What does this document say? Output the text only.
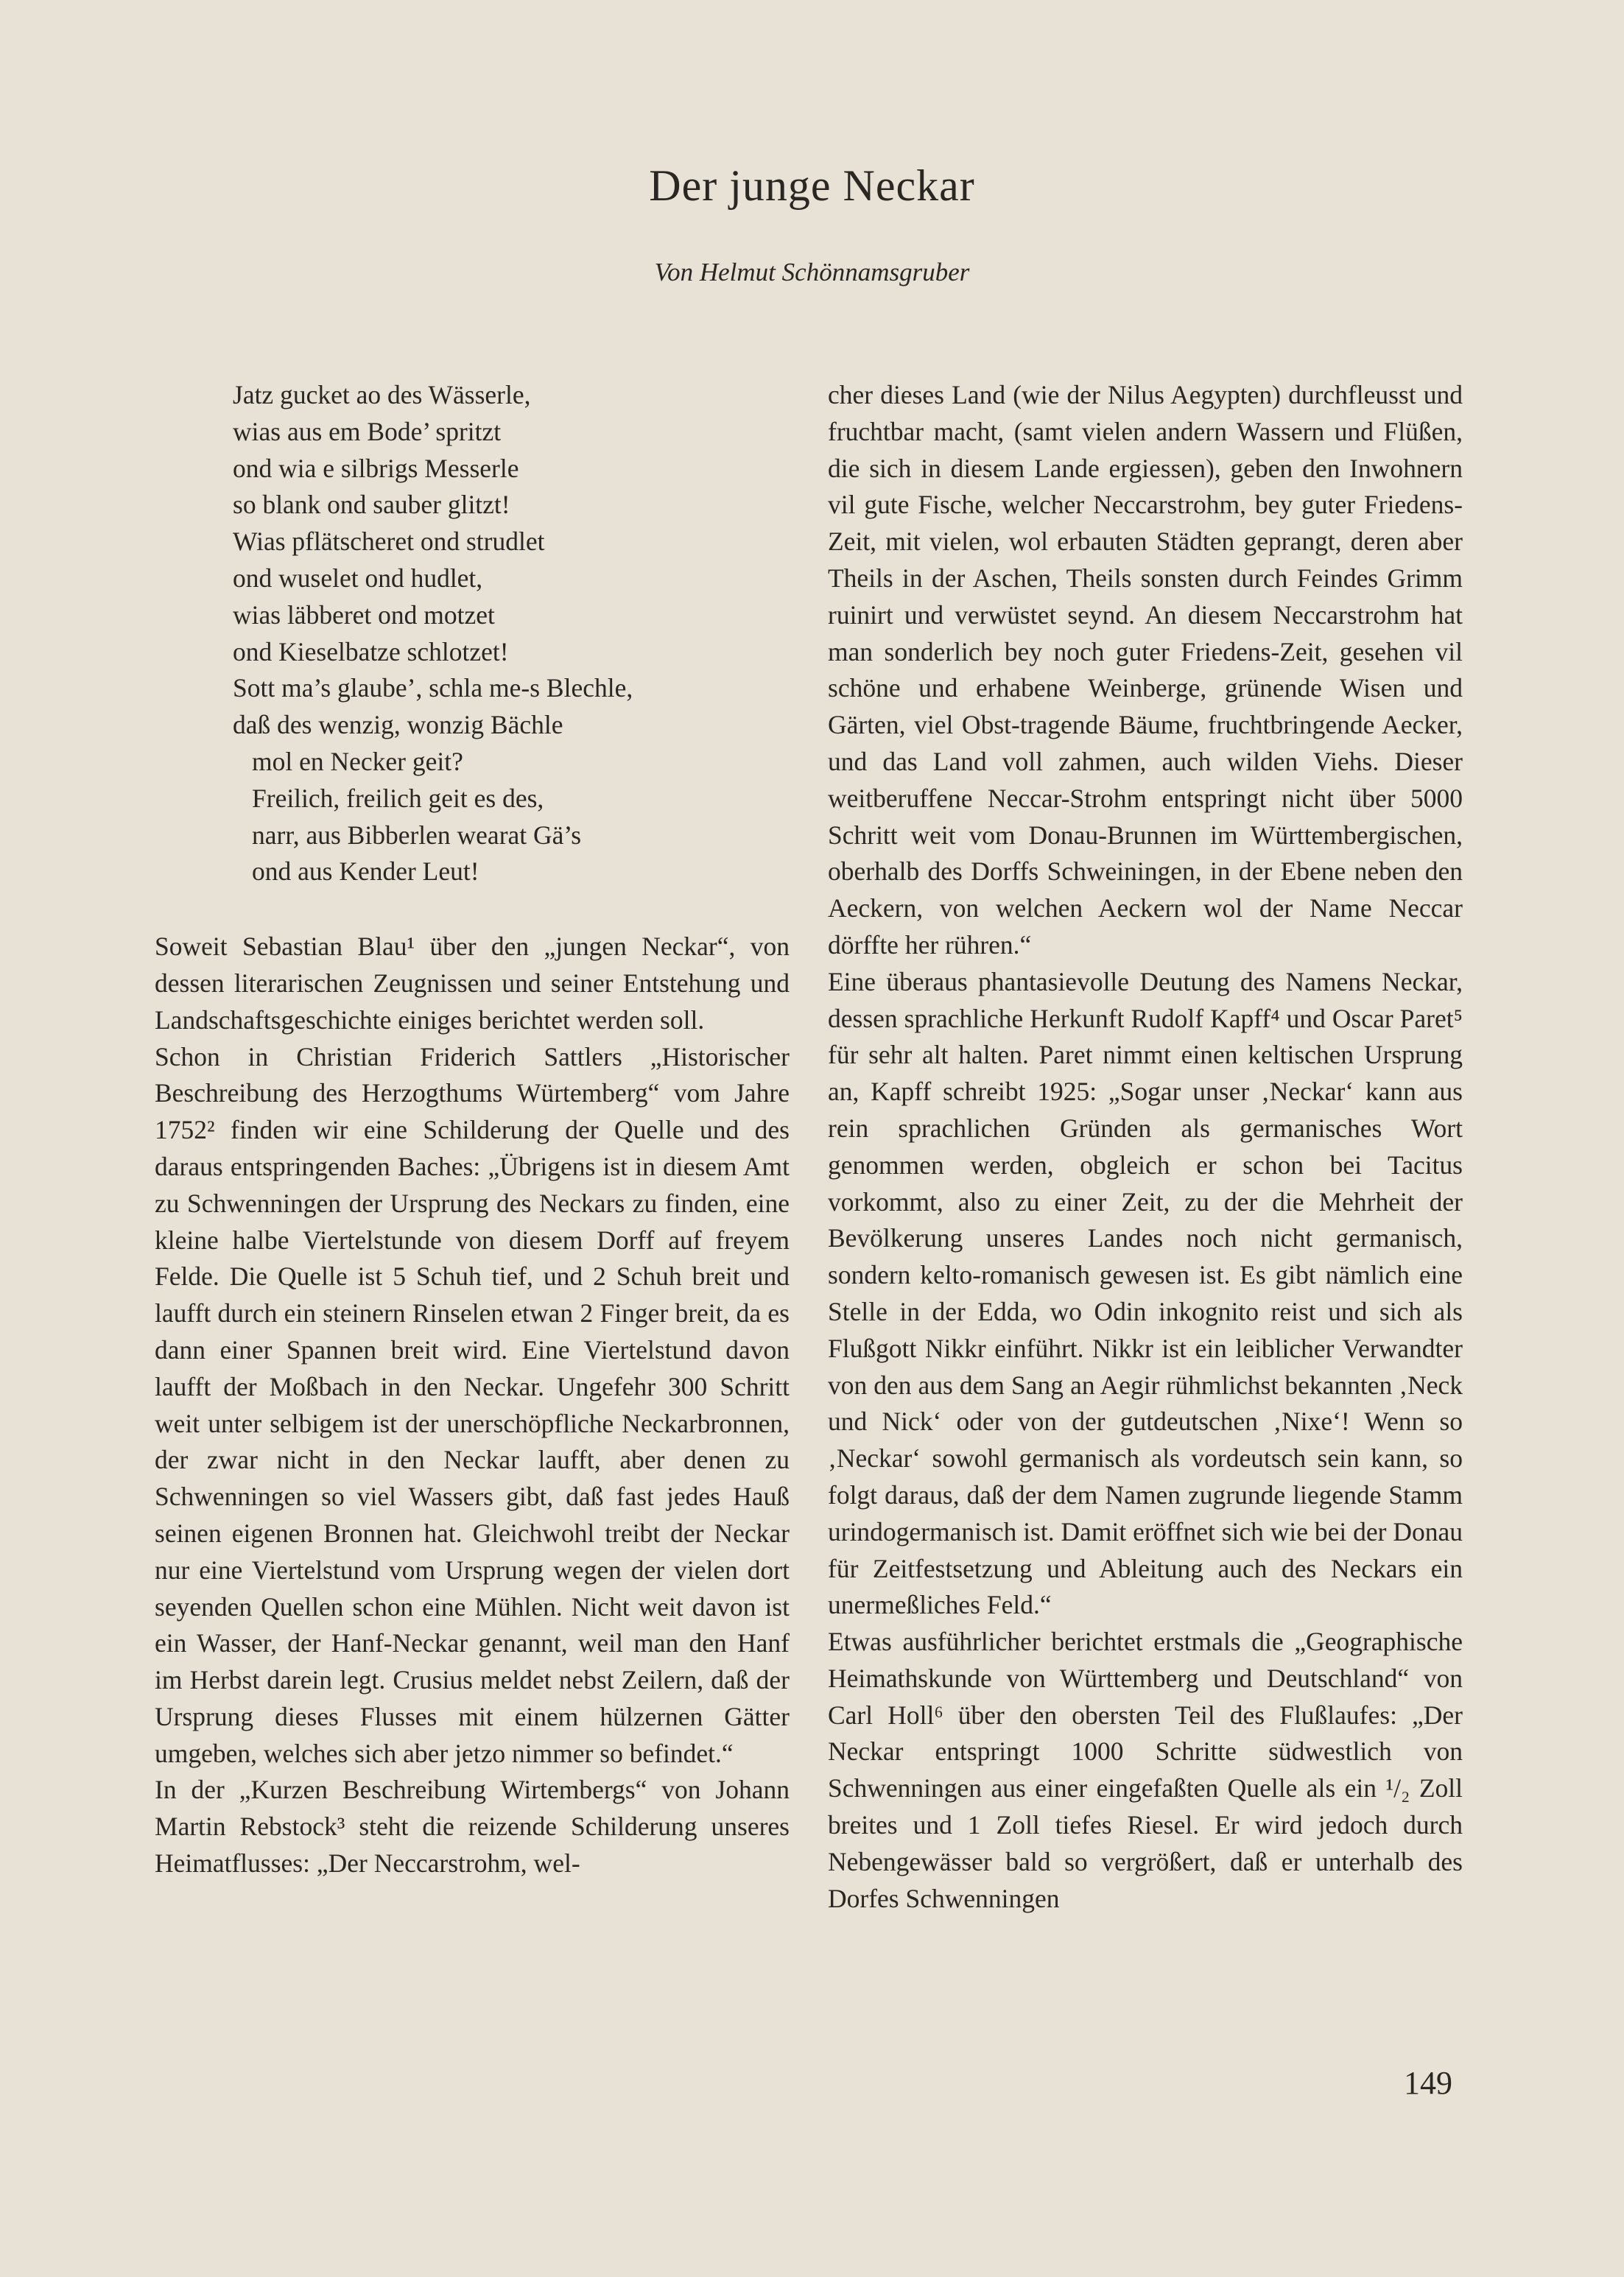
Der junge Neckar
Von Helmut Schönnamsgruber
Jatz gucket ao des Wässerle,
wias aus em Bode’ spritzt
ond wia e silbrigs Messerle
so blank ond sauber glitzt!
Wias pflätscheret ond strudlet
ond wuselet ond hudlet,
wias läbberet ond motzet
ond Kieselbatze schlotzet!
Sott ma’s glaube’, schla me-s Blechle,
daß des wenzig, wonzig Bächle
mol en Necker geit?
Freilich, freilich geit es des,
narr, aus Bibberlen wearat Gä’s
ond aus Kender Leut!

Soweit Sebastian Blau¹ über den „jungen Neckar“, von dessen literarischen Zeugnissen und seiner Entstehung und Landschaftsgeschichte einiges berichtet werden soll.

Schon in Christian Friderich Sattlers „Historischer Beschreibung des Herzogthums Würtemberg“ vom Jahre 1752² finden wir eine Schilderung der Quelle und des daraus entspringenden Baches: „Übrigens ist in diesem Amt zu Schwenningen der Ursprung des Neckars zu finden, eine kleine halbe Viertelstunde von diesem Dorff auf freyem Felde. Die Quelle ist 5 Schuh tief, und 2 Schuh breit und laufft durch ein steinern Rinselen etwan 2 Finger breit, da es dann einer Spannen breit wird. Eine Viertelstund davon laufft der Moßbach in den Neckar. Ungefehr 300 Schritt weit unter selbigem ist der unerschöpfliche Neckarbronnen, der zwar nicht in den Neckar laufft, aber denen zu Schwenningen so viel Wassers gibt, daß fast jedes Hauß seinen eigenen Bronnen hat. Gleichwohl treibt der Neckar nur eine Viertelstund vom Ursprung wegen der vielen dort seyenden Quellen schon eine Mühlen. Nicht weit davon ist ein Wasser, der Hanf-Neckar genannt, weil man den Hanf im Herbst darein legt. Crusius meldet nebst Zeilern, daß der Ursprung dieses Flusses mit einem hülzernen Gätter umgeben, welches sich aber jetzo nimmer so befindet.“

In der „Kurzen Beschreibung Wirtembergs“ von Johann Martin Rebstock³ steht die reizende Schilderung unseres Heimatflusses: „Der Neccarstrohm, wel-

cher dieses Land (wie der Nilus Aegypten) durchfleusst und fruchtbar macht, (samt vielen andern Wassern und Flüßen, die sich in diesem Lande ergiessen), geben den Inwohnern vil gute Fische, welcher Neccarstrohm, bey guter Friedens-Zeit, mit vielen, wol erbauten Städten geprangt, deren aber Theils in der Aschen, Theils sonsten durch Feindes Grimm ruinirt und verwüstet seynd. An diesem Neccarstrohm hat man sonderlich bey noch guter Friedens-Zeit, gesehen vil schöne und erhabene Weinberge, grünende Wisen und Gärten, viel Obst-tragende Bäume, fruchtbringende Aecker, und das Land voll zahmen, auch wilden Viehs. Dieser weitberuffene Neccar-Strohm entspringt nicht über 5000 Schritt weit vom Donau-Brunnen im Württembergischen, oberhalb des Dorffs Schweiningen, in der Ebene neben den Aeckern, von welchen Aeckern wol der Name Neccar dörffte her rühren.“

Eine überaus phantasievolle Deutung des Namens Neckar, dessen sprachliche Herkunft Rudolf Kapff⁴ und Oscar Paret⁵ für sehr alt halten. Paret nimmt einen keltischen Ursprung an, Kapff schreibt 1925: „Sogar unser ‚Neckar‘ kann aus rein sprachlichen Gründen als germanisches Wort genommen werden, obgleich er schon bei Tacitus vorkommt, also zu einer Zeit, zu der die Mehrheit der Bevölkerung unseres Landes noch nicht germanisch, sondern kelto-romanisch gewesen ist. Es gibt nämlich eine Stelle in der Edda, wo Odin inkognito reist und sich als Flußgott Nikkr einführt. Nikkr ist ein leiblicher Verwandter von den aus dem Sang an Aegir rühmlichst bekannten ‚Neck und Nick‘ oder von der gutdeutschen ‚Nixe‘! Wenn so ‚Neckar‘ sowohl germanisch als vordeutsch sein kann, so folgt daraus, daß der dem Namen zugrunde liegende Stamm urindogermanisch ist. Damit eröffnet sich wie bei der Donau für Zeitfestsetzung und Ableitung auch des Neckars ein unermeßliches Feld.“

Etwas ausführlicher berichtet erstmals die „Geographische Heimathskunde von Württemberg und Deutschland“ von Carl Holl⁶ über den obersten Teil des Flußlaufes: „Der Neckar entspringt 1000 Schritte südwestlich von Schwenningen aus einer eingefaßten Quelle als ein ¹/₂ Zoll breites und 1 Zoll tiefes Riesel. Er wird jedoch durch Nebengewässer bald so vergrößert, daß er unterhalb des Dorfes Schwenningen

149
